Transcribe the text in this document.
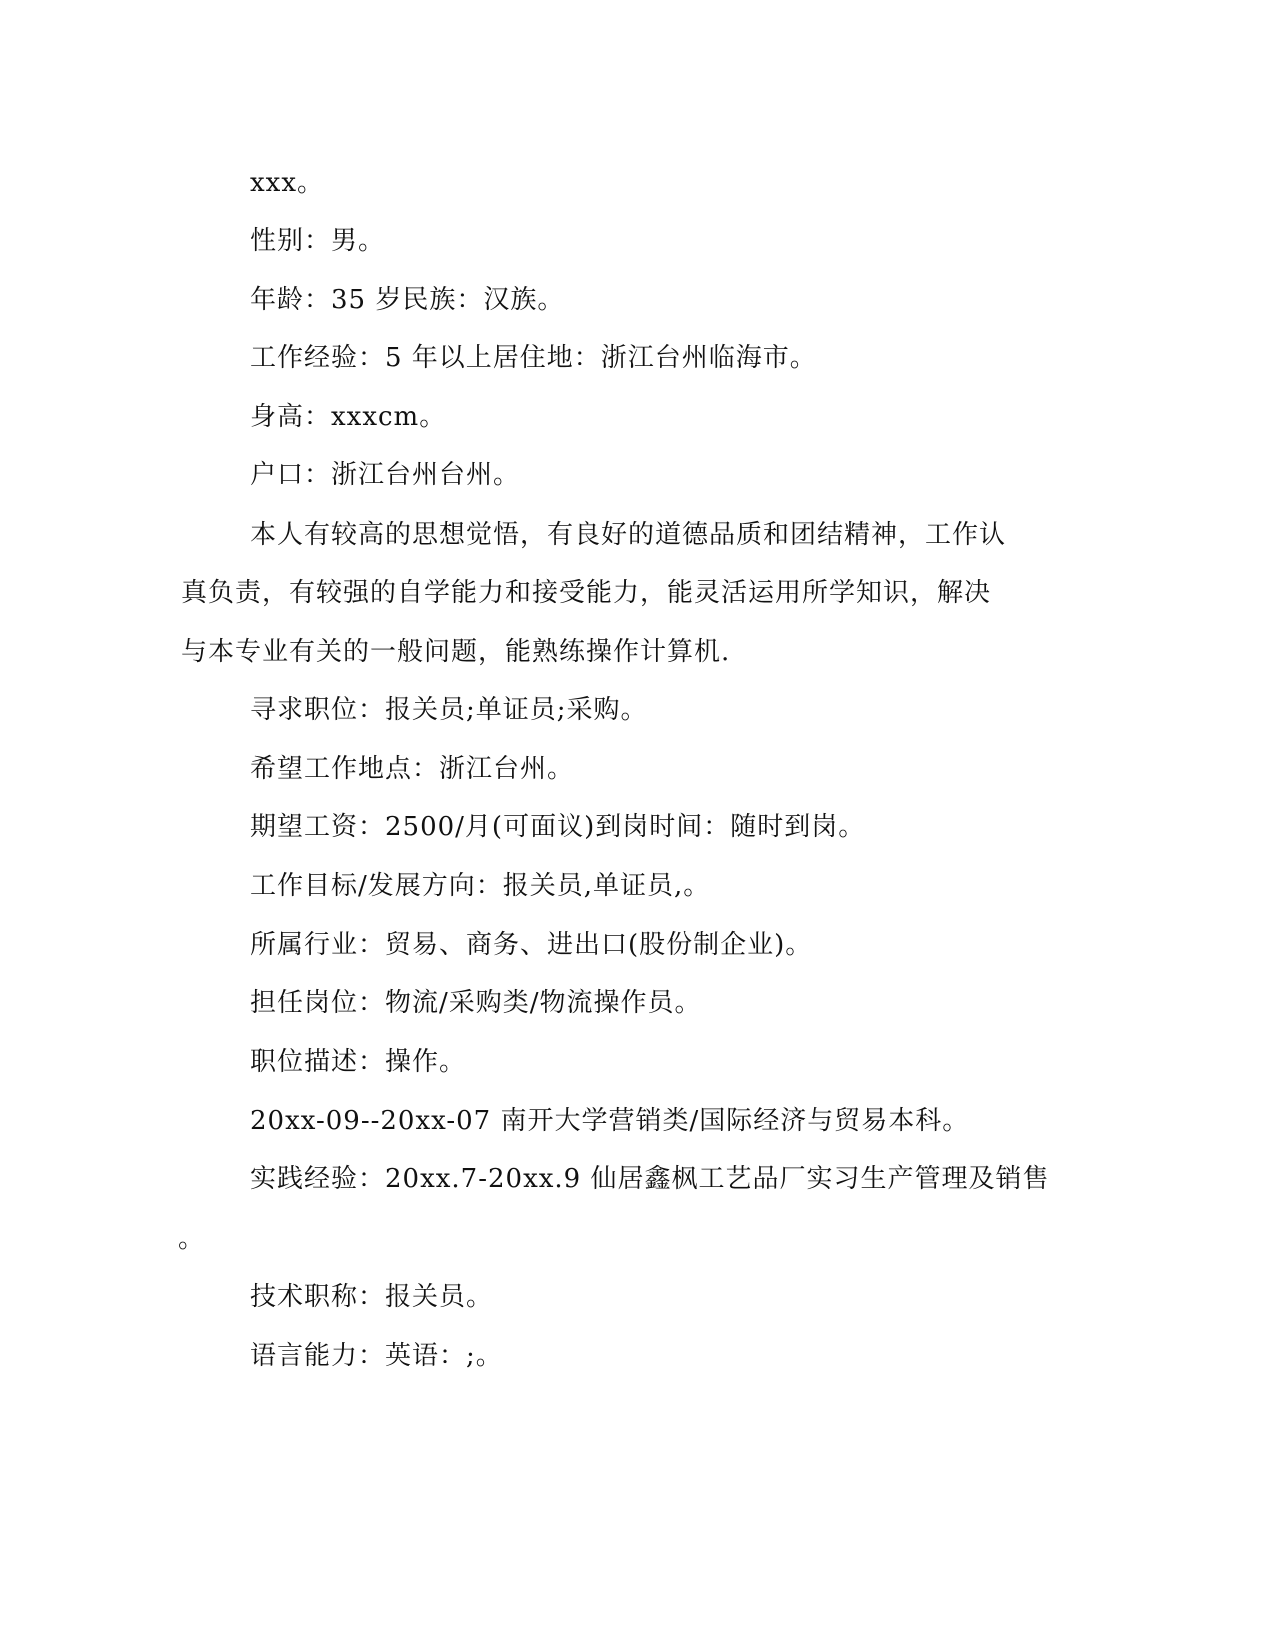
xxx。

性别：男。

年龄：35 岁民族：汉族。

工作经验：5 年以上居住地：浙江台州临海市。

身高：xxxcm。

户口：浙江台州台州。

本人有较高的思想觉悟，有良好的道德品质和团结精神，工作认

真负责，有较强的自学能力和接受能力，能灵活运用所学知识，解决

与本专业有关的一般问题，能熟练操作计算机.

寻求职位：报关员;单证员;采购。

希望工作地点：浙江台州。

期望工资：2500/月(可面议)到岗时间：随时到岗。

工作目标/发展方向：报关员,单证员,。

所属行业：贸易、商务、进出口(股份制企业)。

担任岗位：物流/采购类/物流操作员。

职位描述：操作。

20xx-09--20xx-07 南开大学营销类/国际经济与贸易本科。

实践经验：20xx.7-20xx.9 仙居鑫枫工艺品厂实习生产管理及销售

。

技术职称：报关员。

语言能力：英语：;。
